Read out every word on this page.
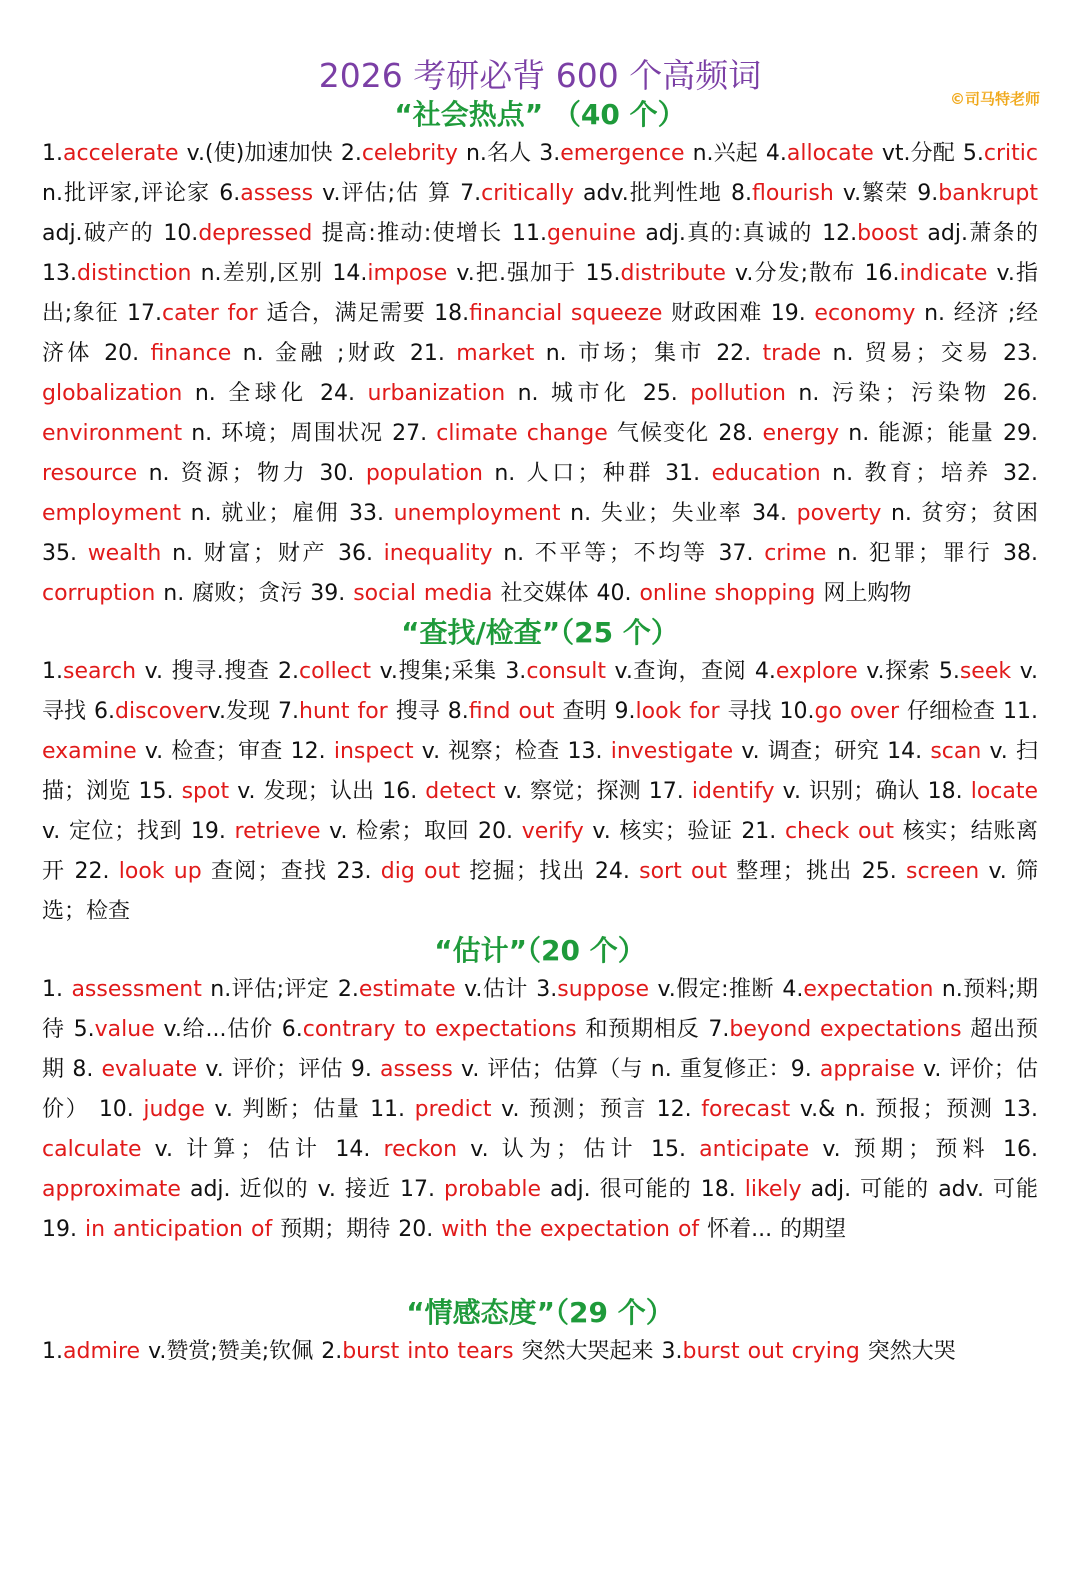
©司马特老师
2026 考研必背 600 个高频词
“社会热点” （40 个）
1.accelerate v.(使)加速加快 2.celebrity n.名人 3.emergence n.兴起 4.allocate vt.分配 5.critic n.批评家,评论家 6.assess v.评估;估 算 7.critically adv.批判性地 8.flourish v.繁荣 9.bankrupt adj.破产的 10.depressed 提高:推动:使增长 11.genuine adj.真的:真诚的 12.boost adj.萧条的 13.distinction n.差别,区别 14.impose v.把.强加于 15.distribute v.分发;散布 16.indicate v.指出;象征 17.cater for 适合，满足需要 18.financial squeeze 财政困难 19. economy n. 经济 ;经济体 20. finance n. 金融 ;财政 21. market n. 市场；集市 22. trade n. 贸易；交易 23. globalization n. 全球化 24. urbanization n. 城市化 25. pollution n. 污染；污染物 26. environment n. 环境；周围状况 27. climate change 气候变化 28. energy n. 能源；能量 29. resource n. 资源；物力 30. population n. 人口；种群 31. education n. 教育；培养 32. employment n. 就业；雇佣 33. unemployment n. 失业；失业率 34. poverty n. 贫穷；贫困 35. wealth n. 财富；财产 36. inequality n. 不平等；不均等 37. crime n. 犯罪；罪行 38. corruption n. 腐败；贪污 39. social media 社交媒体 40. online shopping 网上购物
“查找/检查”（25 个）
1.search v. 搜寻.搜查 2.collect v.搜集;采集 3.consult v.查询，查阅 4.explore v.探索 5.seek v.寻找 6.discoverv.发现 7.hunt for 搜寻 8.find out 查明 9.look for 寻找 10.go over 仔细检查 11. examine v. 检查；审查 12. inspect v. 视察；检查 13. investigate v. 调查；研究 14. scan v. 扫描；浏览 15. spot v. 发现；认出 16. detect v. 察觉；探测 17. identify v. 识别；确认 18. locate v. 定位；找到 19. retrieve v. 检索；取回 20. verify v. 核实；验证 21. check out 核实；结账离开 22. look up 查阅；查找 23. dig out 挖掘；找出 24. sort out 整理；挑出 25. screen v. 筛选；检查
“估计”（20 个）
1. assessment n.评估;评定 2.estimate v.估计 3.suppose v.假定:推断 4.expectation n.预料;期待 5.value v.给...估价 6.contrary to expectations 和预期相反 7.beyond expectations 超出预期 8. evaluate v. 评价；评估 9. assess v. 评估；估算（与 n. 重复修正：9. appraise v. 评价；估价） 10. judge v. 判断；估量 11. predict v. 预测；预言 12. forecast v.& n. 预报；预测 13. calculate v. 计算；估计 14. reckon v. 认为；估计 15. anticipate v. 预期；预料 16. approximate adj. 近似的 v. 接近 17. probable adj. 很可能的 18. likely adj. 可能的 adv. 可能 19. in anticipation of 预期；期待 20. with the expectation of 怀着... 的期望
“情感态度”（29 个）
1.admire v.赞赏;赞美;钦佩 2.burst into tears 突然大哭起来 3.burst out crying 突然大哭
